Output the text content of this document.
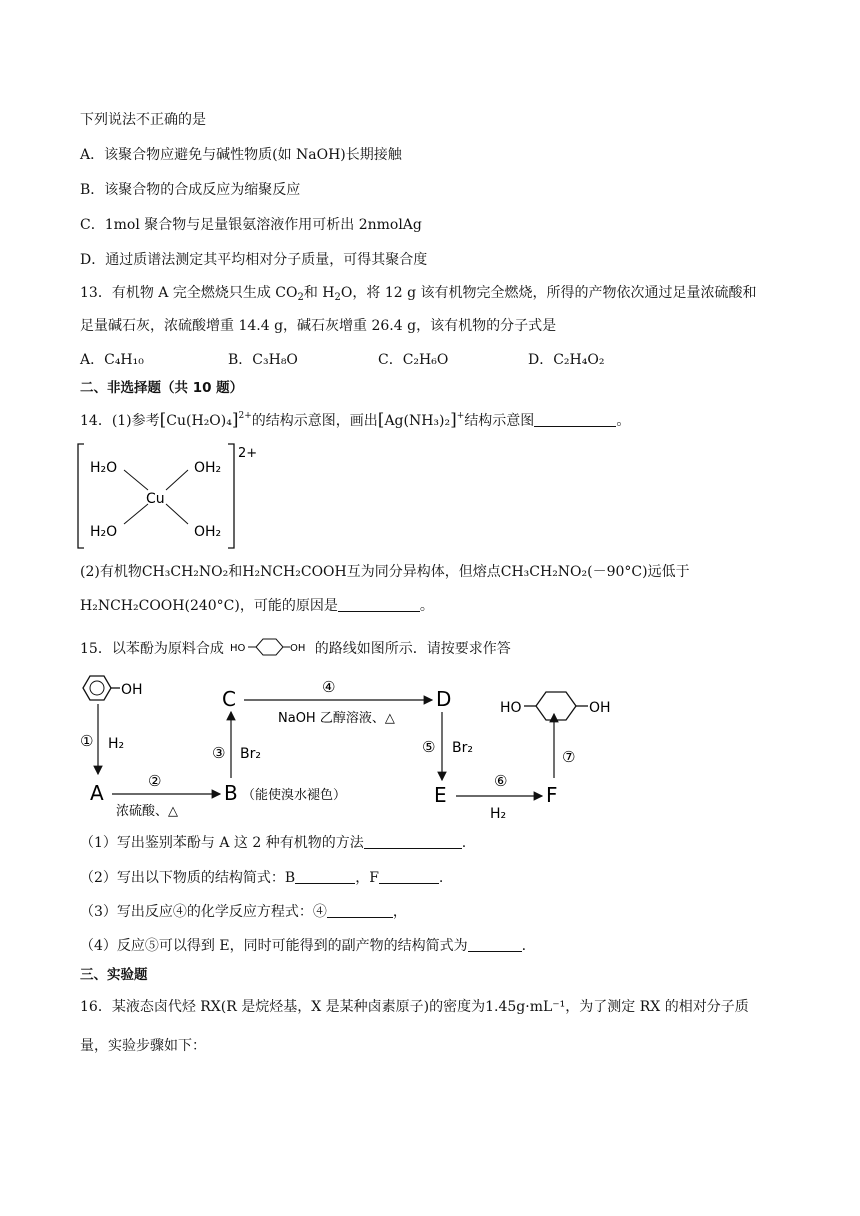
下列说法不正确的是
A．该聚合物应避免与碱性物质(如 NaOH)长期接触
B．该聚合物的合成反应为缩聚反应
C．1mol 聚合物与足量银氨溶液作用可析出 2nmolAg
D．通过质谱法测定其平均相对分子质量，可得其聚合度
13．有机物 A 完全燃烧只生成 $CO_2$和 $H_2O$，将 12 g 该有机物完全燃烧，所得的产物依次通过足量浓硫酸和
足量碱石灰，浓硫酸增重 14.4 g，碱石灰增重 26.4 g，该有机物的分子式是
A．C₄H₁₀	B．C₃H₈O	C．C₂H₆O	D．C₂H₄O₂
二、非选择题（共 10 题）
14．(1)参考$[Cu(H_2O)_4]^{2+}$的结构示意图，画出[Ag(NH₃)₂]+结构示意图	。
H₂O	OH₂
Cu
H₂O	OH₂
2+
(2)有机物CH₃CH₂NO₂和H₂NCH₂COOH互为同分异构体，但熔点CH₃CH₂NO₂(－90°C)远低于
H₂NCH₂COOH(240°C)，可能的原因是	。
15．以苯酚为原料合成 HO	OH 的路线如图所示．请按要求作答
OH
① H₂
A	②
浓硫酸、△
B （能使溴水褪色）
③ Br₂
C	④
NaOH 乙醇溶液、△
D
⑤ Br₂
E
⑥
H₂
F
⑦
HO	OH
（1）写出鉴别苯酚与 A 这 2 种有机物的方法	.
（2）写出以下物质的结构简式：B	，F	.
（3）写出反应④的化学反应方程式：④	，
（4）反应⑤可以得到 E，同时可能得到的副产物的结构简式为	.
三、实验题
16．某液态卤代烃 RX(R 是烷烃基，X 是某种卤素原子)的密度为1.45g·mL⁻¹，为了测定 RX 的相对分子质
量，实验步骤如下：
